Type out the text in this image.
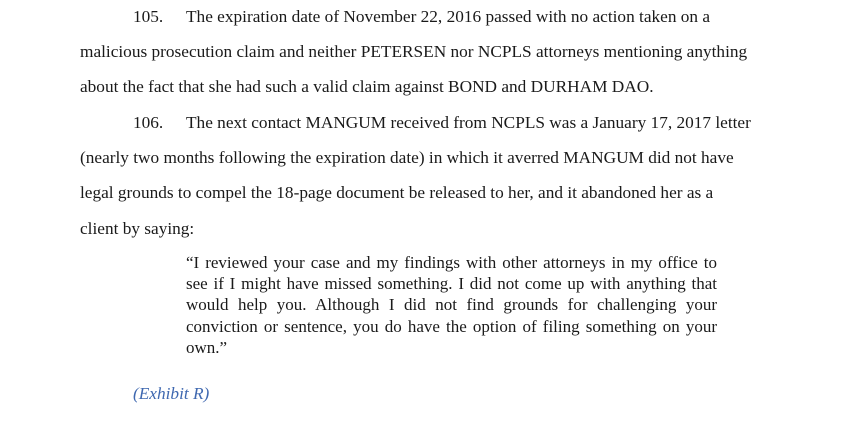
105. The expiration date of November 22, 2016 passed with no action taken on a
malicious prosecution claim and neither PETERSEN nor NCPLS attorneys mentioning anything
about the fact that she had such a valid claim against BOND and DURHAM DAO.
106. The next contact MANGUM received from NCPLS was a January 17, 2017 letter
(nearly two months following the expiration date) in which it averred MANGUM did not have
legal grounds to compel the 18-page document be released to her, and it abandoned her as a
client by saying:
“I reviewed your case and my findings with other attorneys in my office to
see if I might have missed something. I did not come up with anything that
would help you. Although I did not find grounds for challenging your
conviction or sentence, you do have the option of filing something on your
own.”
(Exhibit R)
